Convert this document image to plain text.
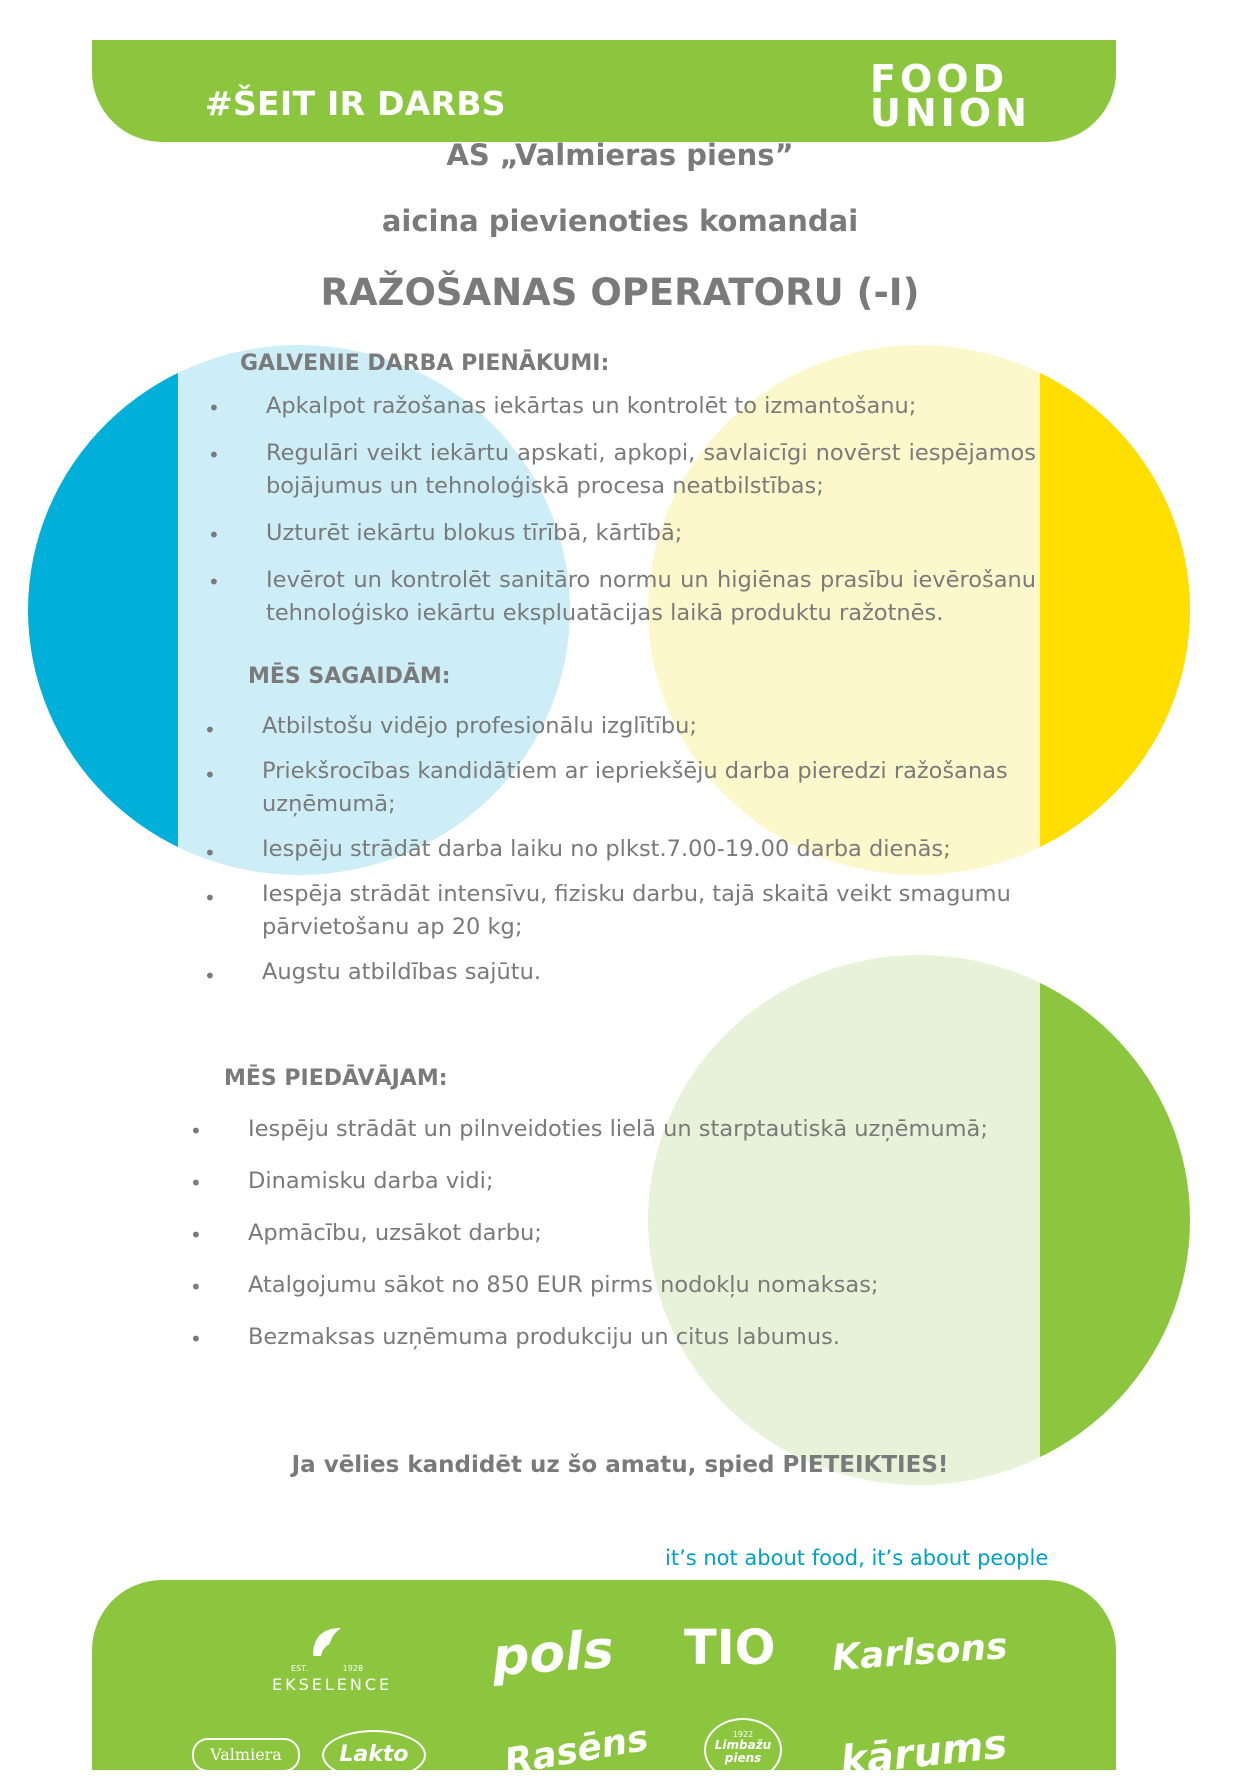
#ŠEIT IR DARBS
FOOD
UNION
AS „Valmieras piens”
aicina pievienoties komandai
RAŽOŠANAS OPERATORU (-I)
GALVENIE DARBA PIENĀKUMI:
• Apkalpot ražošanas iekārtas un kontrolēt to izmantošanu;
• Regulāri veikt iekārtu apskati, apkopi, savlaicīgi novērst iespējamos bojājumus un tehnoloģiskā procesa neatbilstības;
• Uzturēt iekārtu blokus tīrībā, kārtībā;
• Ievērot un kontrolēt sanitāro normu un higiēnas prasību ievērošanu tehnoloģisko iekārtu ekspluatācijas laikā produktu ražotnēs.
MĒS SAGAIDĀM:
• Atbilstošu vidējo profesionālu izglītību;
• Priekšrocības kandidātiem ar iepriekšēju darba pieredzi ražošanas uzņēmumā;
• Iespēju strādāt darba laiku no plkst.7.00-19.00 darba dienās;
• Iespēja strādāt intensīvu, fizisku darbu, tajā skaitā veikt smagumu pārvietošanu ap 20 kg;
• Augstu atbildības sajūtu.
MĒS PIEDĀVĀJAM:
• Iespēju strādāt un pilnveidoties lielā un starptautiskā uzņēmumā;
• Dinamisku darba vidi;
• Apmācību, uzsākot darbu;
• Atalgojumu sākot no 850 EUR pirms nodokļu nomaksas;
• Bezmaksas uzņēmuma produkciju un citus labumus.
Ja vēlies kandidēt uz šo amatu, spied PIETEIKTIES!
it’s not about food, it’s about people
EST.	1928
EKSELENCE pols TIO Karlsons
Valmiera	Lakto	Rasēns	1922
Limbažu piens	kārums
